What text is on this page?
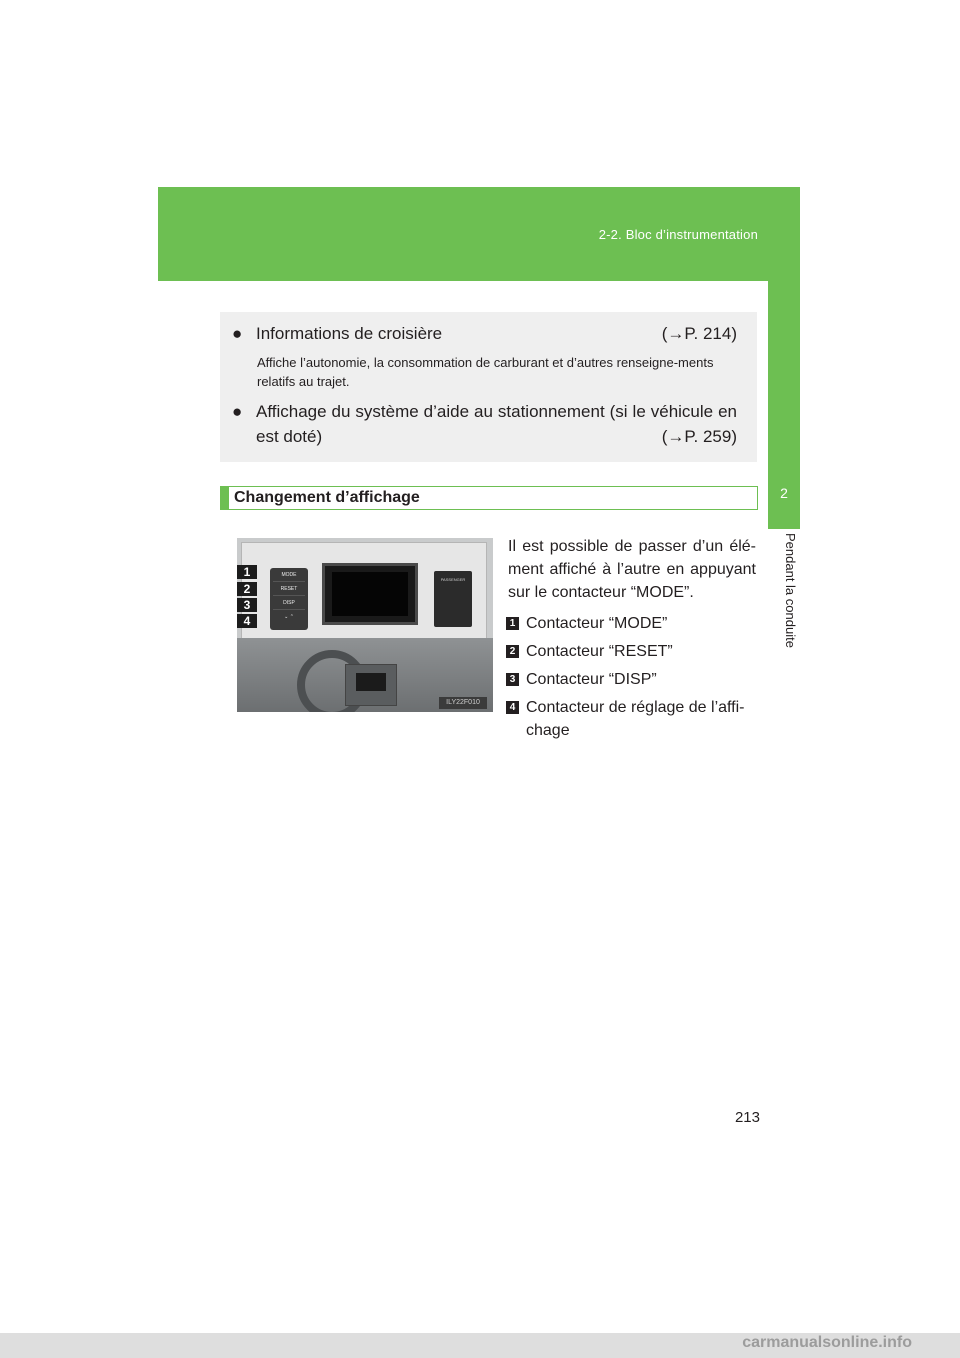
2-2. Bloc d’instrumentation
2
Pendant la conduite
● Informations de croisière	(→P. 214)
Affiche l’autonomie, la consommation de carburant et d’autres renseigne-ments relatifs au trajet.
● Affichage du système d’aide au stationnement (si le véhicule en est doté)	(→P. 259)
Changement d’affichage
MODE
RESET
DISP
⌄ ⌃
PASSENGER
1
2
3
4
ILY22F010
Il est possible de passer d’un élé-ment affiché à l’autre en appuyant sur le contacteur “MODE”.
1 Contacteur “MODE”
2 Contacteur “RESET”
3 Contacteur “DISP”
4 Contacteur de réglage de l’affi-chage
213
carmanualsonline.info
